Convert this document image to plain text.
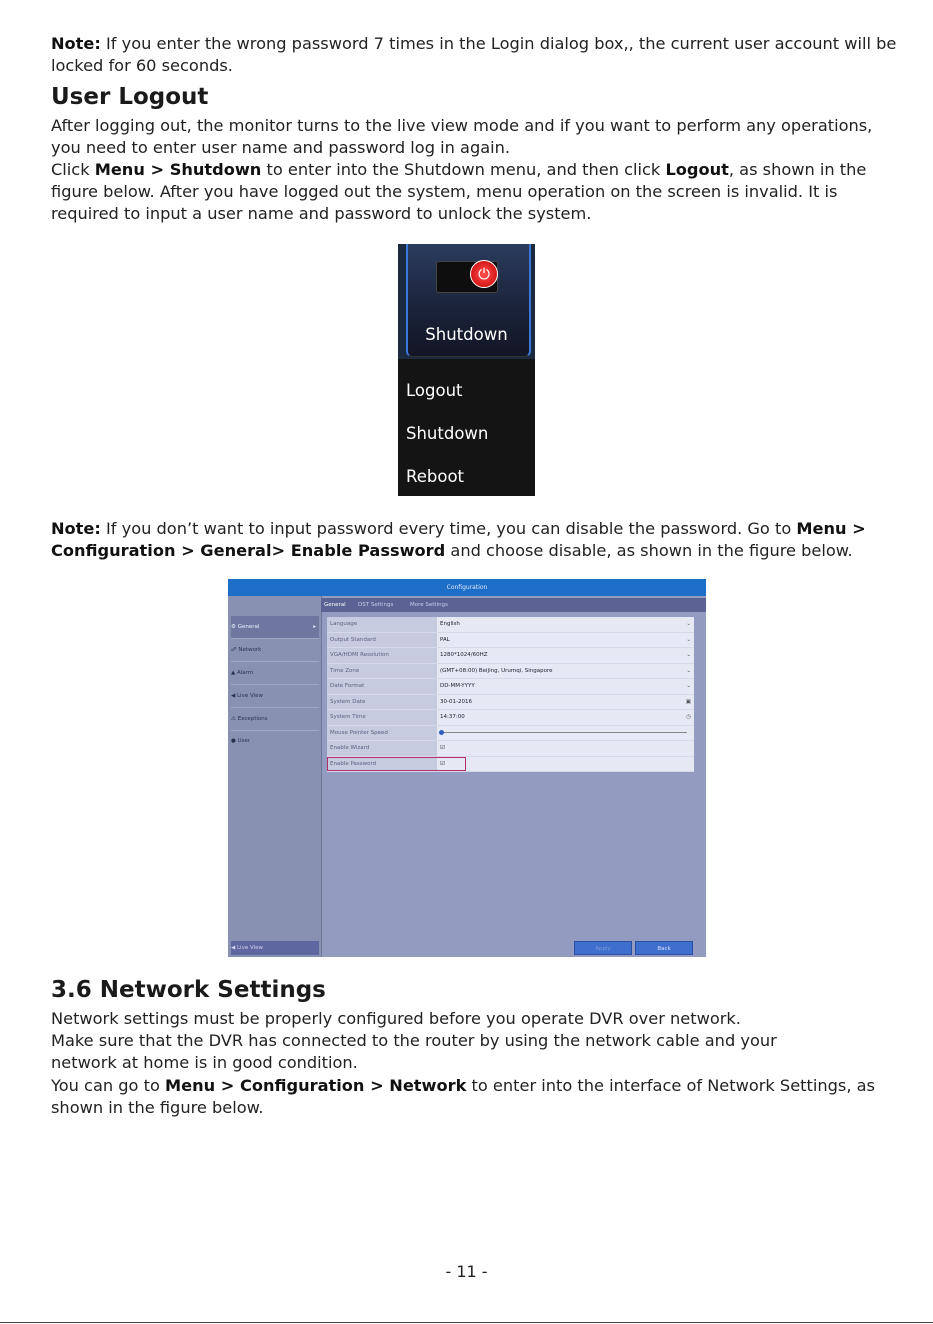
Note: If you enter the wrong password 7 times in the Login dialog box,, the current user account will be locked for 60 seconds.

User Logout

After logging out, the monitor turns to the live view mode and if you want to perform any operations, you need to enter user name and password log in again.

Click Menu > Shutdown to enter into the Shutdown menu, and then click Logout, as shown in the figure below. After you have logged out the system, menu operation on the screen is invalid. It is required to input a user name and password to unlock the system.

⏻
Shutdown
Logout
Shutdown
Reboot

Note: If you don’t want to input password every time, you can disable the password. Go to Menu > Configuration > General> Enable Password and choose disable, as shown in the figure below.

Configuration
⚙ General	▸
☍ Network
▲ Alarm
◀ Live View
⚠ Exceptions
● User
◀ Live View
General DST Settings	More Settings
Language	English	⌄
Output Standard	PAL	⌄
VGA/HDMI Resolution	1280*1024/60HZ	⌄
Time Zone	(GMT+08:00) Beijing, Urumqi, Singapore	⌄
Date Format	DD-MM-YYYY	⌄
System Date	30-01-2016	▣
System Time	14:37:00	◷
Mouse Pointer Speed
Enable Wizard	☑
Enable Password	☑
Apply	Back
3.6 Network Settings

Network settings must be properly configured before you operate DVR over network.

Make sure that the DVR has connected to the router by using the network cable and your

network at home is in good condition.

You can go to Menu > Configuration > Network to enter into the interface of Network Settings, as shown in the figure below.

- 11 -
